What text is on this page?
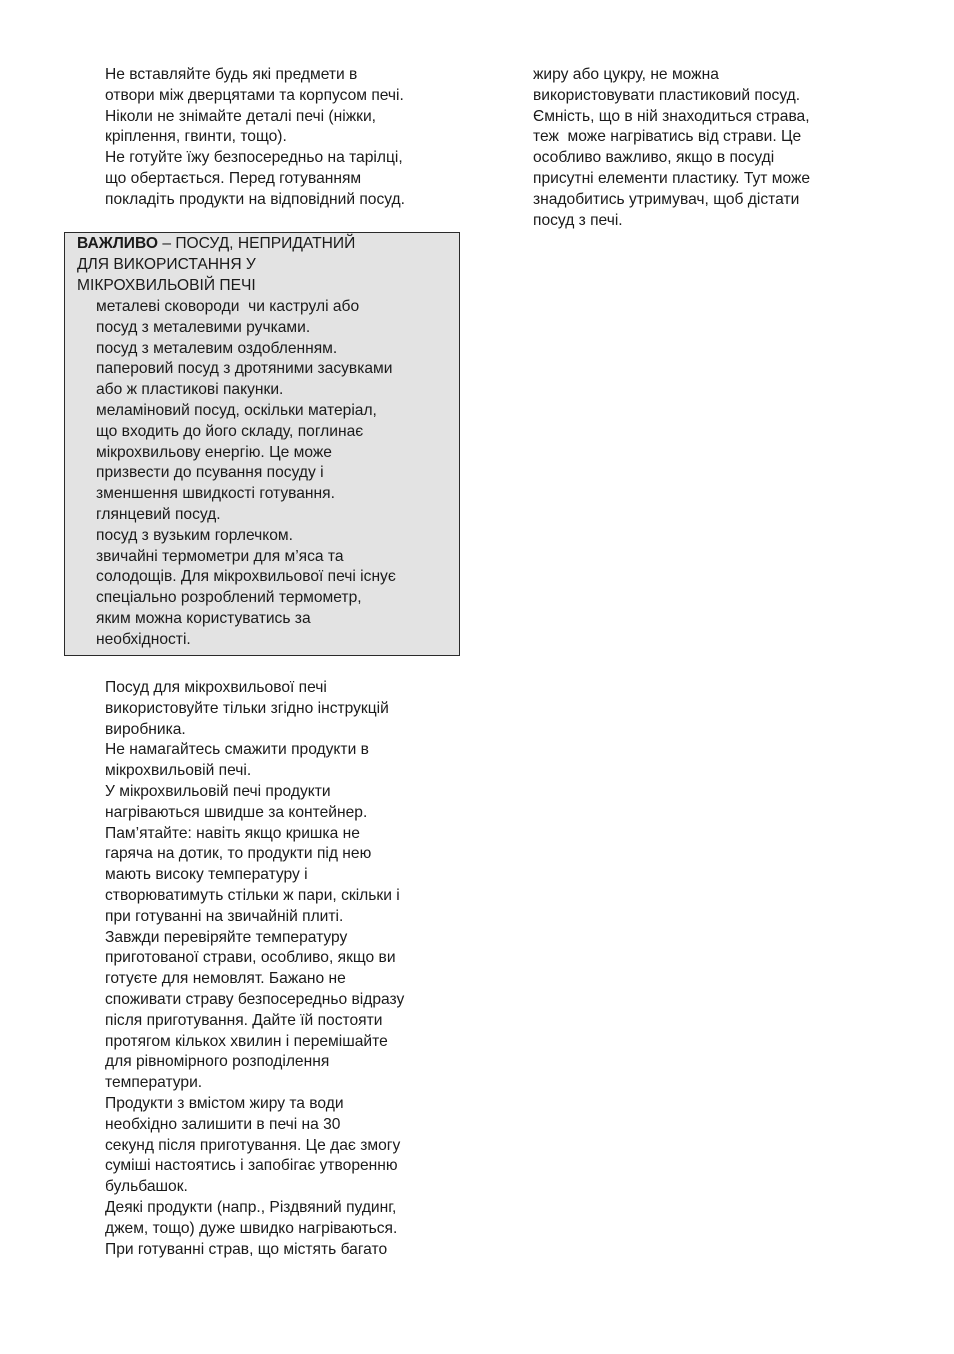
Не вставляйте будь які предмети в
отвори між дверцятами та корпусом печі.
Ніколи не знімайте деталі печі (ніжки,
кріплення, гвинти, тощо).
Не готуйте їжу безпосередньо на тарілці,
що обертається. Перед готуванням
покладіть продукти на відповідний посуд.
ВАЖЛИВО – ПОСУД, НЕПРИДАТНИЙ
ДЛЯ ВИКОРИСТАННЯ У
МІКРОХВИЛЬОВІЙ ПЕЧІ
металеві сковороди  чи каструлі або
посуд з металевими ручками.
посуд з металевим оздобленням.
паперовий посуд з дротяними засувками
або ж пластикові пакунки.
меламіновий посуд, оскільки матеріал,
що входить до його складу, поглинає
мікрохвильову енергію. Це може
призвести до псування посуду і
зменшення швидкості готування.
глянцевий посуд.
посуд з вузьким горлечком.
звичайні термометри для м’яса та
солодощів. Для мікрохвильової печі існує
спеціально розроблений термометр,
яким можна користуватись за
необхідності.
Посуд для мікрохвильової печі
використовуйте тільки згідно інструкцій
виробника.
Не намагайтесь смажити продукти в
мікрохвильовій печі.
У мікрохвильовій печі продукти
нагріваються швидше за контейнер.
Пам’ятайте: навіть якщо кришка не
гаряча на дотик, то продукти під нею
мають високу температуру і
створюватимуть стільки ж пари, скільки і
при готуванні на звичайній плиті.
Завжди перевіряйте температуру
приготованої страви, особливо, якщо ви
готуєте для немовлят. Бажано не
споживати страву безпосередньо відразу
після приготування. Дайте їй постояти
протягом кількох хвилин і перемішайте
для рівномірного розподілення
температури.
Продукти з вмістом жиру та води
необхідно залишити в печі на 30
секунд після приготування. Це дає змогу
суміші настоятись і запобігає утворенню
бульбашок.
Деякі продукти (напр., Різдвяний пудинг,
джем, тощо) дуже швидко нагріваються.
При готуванні страв, що містять багато
жиру або цукру, не можна
використовувати пластиковий посуд.
Ємність, що в ній знаходиться страва,
теж  може нагріватись від страви. Це
особливо важливо, якщо в посуді
присутні елементи пластику. Тут може
знадобитись утримувач, щоб дістати
посуд з печі.
